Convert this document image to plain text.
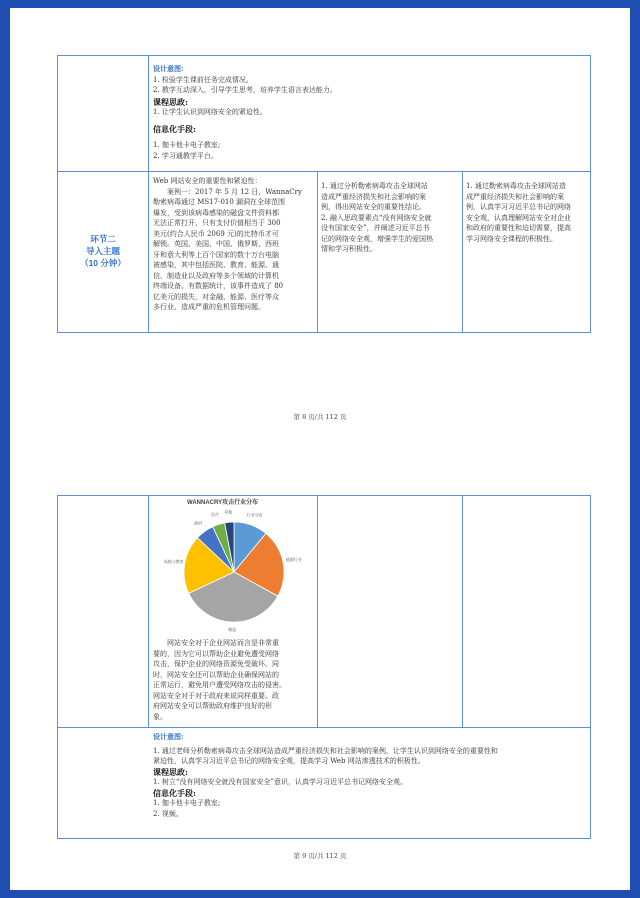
设计意图:
1. 检验学生课前任务完成情况。
2. 教学互动深入，引导学生思考，培养学生语言表达能力。
课程思政:
1. 让学生认识到网络安全的紧迫性。
信息化手段:
1. 伽卡他卡电子教室;
2. 学习通教学平台。
环节二
导入主题
（10 分钟）
Web 网站安全的重要性和紧迫性：
案例一：2017 年 5 月 12 日，WannaCry
勒索病毒通过 MS17-010 漏洞在全球范围
爆发，受到该病毒感染的磁盘文件资料都
无法正常打开，只有支付价值相当于 300
美元(约合人民币 2069 元)的比特币才可
解锁。英国、美国、中国、俄罗斯、西班
牙和意大利等上百个国家的数十万台电脑
被感染，其中包括医院、教育、能源、通
信、制造业以及政府等多个领域的计算机
终端设备。有数据统计，该事件造成了 80
亿美元的损失，对金融、能源、医疗等众
多行业，造成严重的危机管理问题。
1. 通过分析勒索病毒攻击全球网站
造成严重经济损失和社会影响的案
例，得出网站安全的重要性结论。
2. 融入思政要素点“没有网络安全就
没有国家安全”，并阐述习近平总书
记的网络安全观，增强学生的爱国热
情和学习积极性。
1. 通过勒索病毒攻击全球网站造
成严重经济损失和社会影响的案
例，认真学习习近平总书记的网络
安全观，认真理解网站安全对企业
和政府的重要性和迫切需要，提高
学习网络安全课程的积极性。
第 8 页/共 112 页
WANNACRY攻击行业分布
行业分布
能源行业
制造
高校与教育
政府
医疗
其他
网站安全对于企业网站而言是非常重
要的，因为它可以帮助企业避免遭受网络
攻击，保护企业的网络资源免受破坏。同
时，网站安全还可以帮助企业确保网站的
正常运行，避免用户遭受网络攻击的侵害。
网站安全对于对于政府来说同样重要。政
府网站安全可以帮助政府维护良好的形
象。
设计意图:
1. 通过老师分析勒索病毒攻击全球网站造成严重经济损失和社会影响的案例，让学生认识到网络安全的重要性和
紧迫性，认真学习习近平总书记的网络安全观，提高学习 Web 网站渗透技术的积极性。
课程思政:
1. 树立“没有网络安全就没有国家安全”意识，认真学习习近平总书记网络安全观。
信息化手段:
1. 伽卡他卡电子教室;
2. 视频。
第 9 页/共 112 页
